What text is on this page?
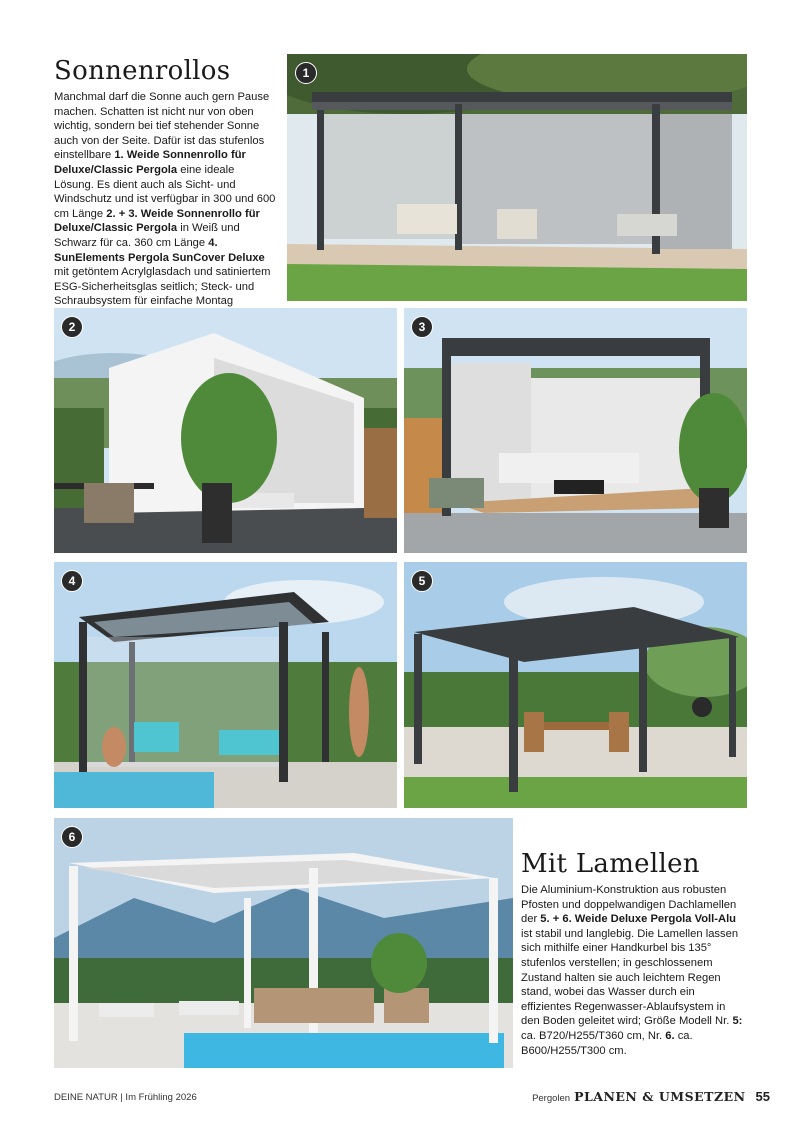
Sonnenrollos

Manchmal darf die Sonne auch gern Pause machen. Schatten ist nicht nur von oben wichtig, sondern bei tief stehender Sonne auch von der Seite. Dafür ist das stufenlos einstellbare 1. Weide Sonnenrollo für Deluxe/Classic Pergola eine ideale Lösung. Es dient auch als Sicht- und Windschutz und ist verfügbar in 300 und 600 cm Länge 2. + 3. Weide Sonnenrollo für Deluxe/Classic Pergola in Weiß und Schwarz für ca. 360 cm Länge 4. SunElements Pergola SunCover Deluxe mit getöntem Acrylglasdach und satiniertem ESG-Sicherheitsglas seitlich; Steck- und Schraubsystem für einfache Montag

1
2	3
4	5
6
Mit Lamellen

Die Aluminium-Konstruktion aus robusten Pfosten und doppelwandigen Dachlamellen der 5. + 6. Weide Deluxe Pergola Voll-Alu ist stabil und langlebig. Die Lamellen lassen sich mithilfe einer Handkurbel bis 135° stufenlos verstellen; in geschlossenem Zustand halten sie auch leichtem Regen stand, wobei das Wasser durch ein effizientes Regenwasser-Ablaufsystem in den Boden geleitet wird; Größe Modell Nr. 5: ca. B720/H255/T360 cm, Nr. 6. ca. B600/H255/T300 cm.

DEINE NATUR | Im Frühling 2026	Pergolen PLANEN & UMSETZEN 55
